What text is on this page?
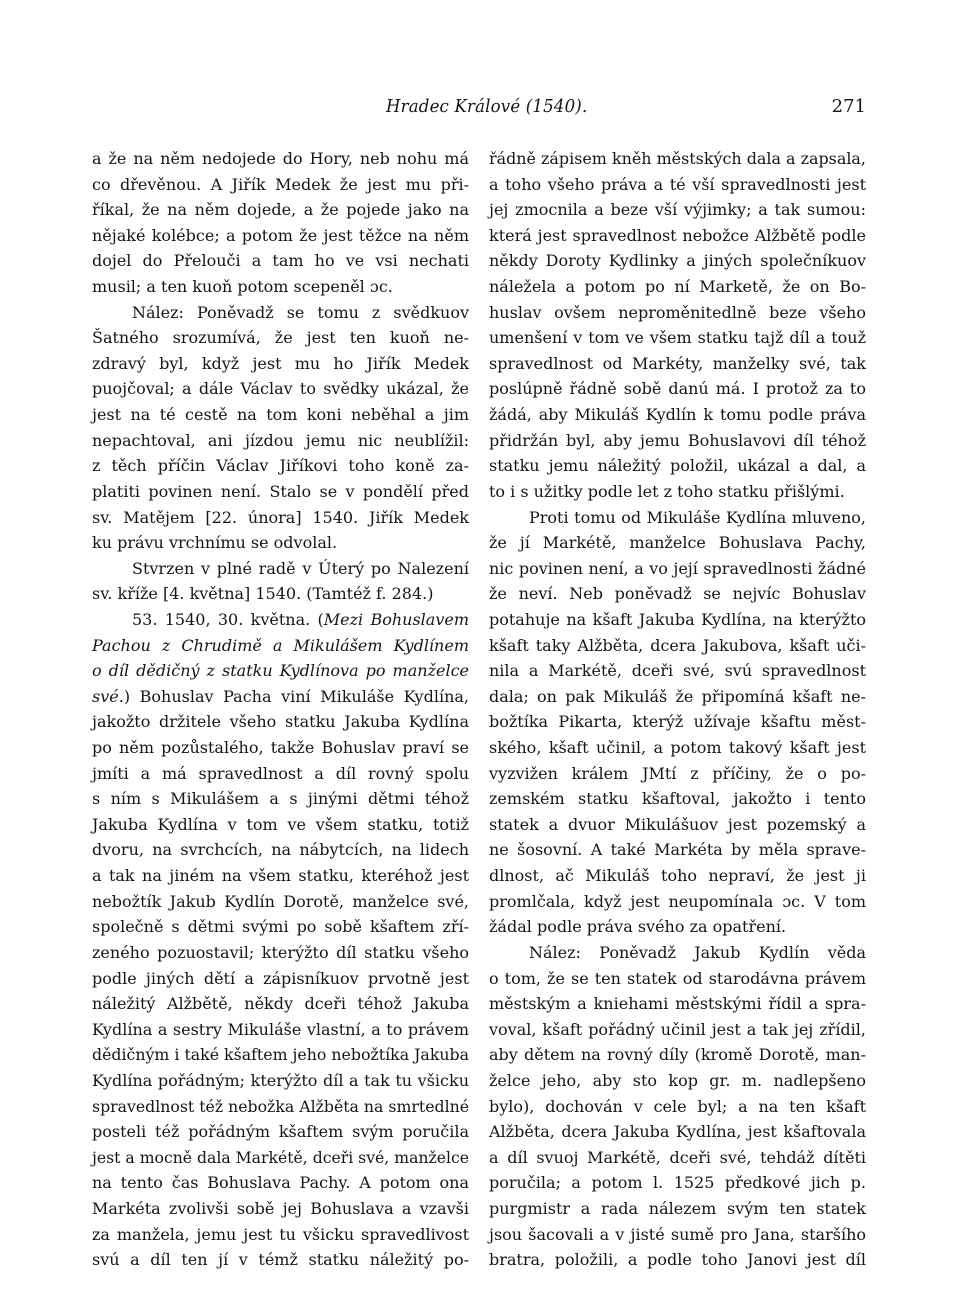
Hradec Králové (1540).	271
a že na něm nedojede do Hory, neb nohu má
co dřevěnou. A Jiřík Medek že jest mu při-
říkal, že na něm dojede, a že pojede jako na
nějaké kolébce; a potom že jest těžce na něm
dojel do Přelouči a tam ho ve vsi nechati
musil; a ten kuoň potom scepeněl ɔc.
Nález: Poněvadž se tomu z svědkuov
Šatného srozumívá, že jest ten kuoň ne-
zdravý byl, když jest mu ho Jiřík Medek
puojčoval; a dále Václav to svědky ukázal, že
jest na té cestě na tom koni neběhal a jim
nepachtoval, ani jízdou jemu nic neublížil:
z těch příčin Václav Jiříkovi toho koně za-
platiti povinen není. Stalo se v pondělí před
sv. Matějem [22. února] 1540. Jiřík Medek
ku právu vrchnímu se odvolal.
Stvrzen v plné radě v Úterý po Nalezení
sv. kříže [4. května] 1540. (Tamtéž f. 284.)
53. 1540, 30. května. (Mezi Bohuslavem
Pachou z Chrudimě a Mikulášem Kydlínem
o díl dědičný z statku Kydlínova po manželce
své.) Bohuslav Pacha viní Mikuláše Kydlína,
jakožto držitele všeho statku Jakuba Kydlína
po něm pozůstalého, takže Bohuslav praví se
jmíti a má spravedlnost a díl rovný spolu
s ním s Mikulášem a s jinými dětmi téhož
Jakuba Kydlína v tom ve všem statku, totiž
dvoru, na svrchcích, na nábytcích, na lidech
a tak na jiném na všem statku, kteréhož jest
nebožtík Jakub Kydlín Dorotě, manželce své,
společně s dětmi svými po sobě kšaftem zří-
zeného pozuostavil; kterýžto díl statku všeho
podle jiných dětí a zápisníkuov prvotně jest
náležitý Alžbětě, někdy dceři téhož Jakuba
Kydlína a sestry Mikuláše vlastní, a to právem
dědičným i také kšaftem jeho nebožtíka Jakuba
Kydlína pořádným; kterýžto díl a tak tu všicku
spravedlnost též nebožka Alžběta na smrtedlné
posteli též pořádným kšaftem svým poručila
jest a mocně dala Markétě, dceři své, manželce
na tento čas Bohuslava Pachy. A potom ona
Markéta zvolivši sobě jej Bohuslava a vzavši
za manžela, jemu jest tu všicku spravedlivost
svú a díl ten jí v témž statku náležitý po-
řádně zápisem kněh městských dala a zapsala,
a toho všeho práva a té vší spravedlnosti jest
jej zmocnila a beze vší výjimky; a tak sumou:
která jest spravedlnost nebožce Alžbětě podle
někdy Doroty Kydlinky a jiných společníkuov
náležela a potom po ní Marketě, že on Bo-
huslav ovšem neproměnitedlně beze všeho
umenšení v tom ve všem statku tajž díl a touž
spravedlnost od Markéty, manželky své, tak
poslúpně řádně sobě danú má. I protož za to
žádá, aby Mikuláš Kydlín k tomu podle práva
přidržán byl, aby jemu Bohuslavovi díl téhož
statku jemu náležitý položil, ukázal a dal, a
to i s užitky podle let z toho statku přišlými.
Proti tomu od Mikuláše Kydlína mluveno,
že jí Markétě, manželce Bohuslava Pachy,
nic povinen není, a vo její spravedlnosti žádné
že neví. Neb poněvadž se nejvíc Bohuslav
potahuje na kšaft Jakuba Kydlína, na kterýžto
kšaft taky Alžběta, dcera Jakubova, kšaft uči-
nila a Markétě, dceři své, svú spravedlnost
dala; on pak Mikuláš že připomíná kšaft ne-
božtíka Pikarta, kterýž užívaje kšaftu měst-
ského, kšaft učinil, a potom takový kšaft jest
vyzvižen králem JMtí z příčiny, že o po-
zemském statku kšaftoval, jakožto i tento
statek a dvuor Mikulášuov jest pozemský a
ne šosovní. A také Markéta by měla sprave-
dlnost, ač Mikuláš toho nepraví, že jest ji
promlčala, když jest neupomínala ɔc. V tom
žádal podle práva svého za opatření.
Nález: Poněvadž Jakub Kydlín věda
o tom, že se ten statek od starodávna právem
městským a kniehami městskými řídil a spra-
voval, kšaft pořádný učinil jest a tak jej zřídil,
aby dětem na rovný díly (kromě Dorotě, man-
želce jeho, aby sto kop gr. m. nadlepšeno
bylo), dochován v cele byl; a na ten kšaft
Alžběta, dcera Jakuba Kydlína, jest kšaftovala
a díl svuoj Markétě, dceři své, tehdáž dítěti
poručila; a potom l. 1525 předkové jich p.
purgmistr a rada nálezem svým ten statek
jsou šacovali a v jisté sumě pro Jana, staršího
bratra, položili, a podle toho Janovi jest díl
